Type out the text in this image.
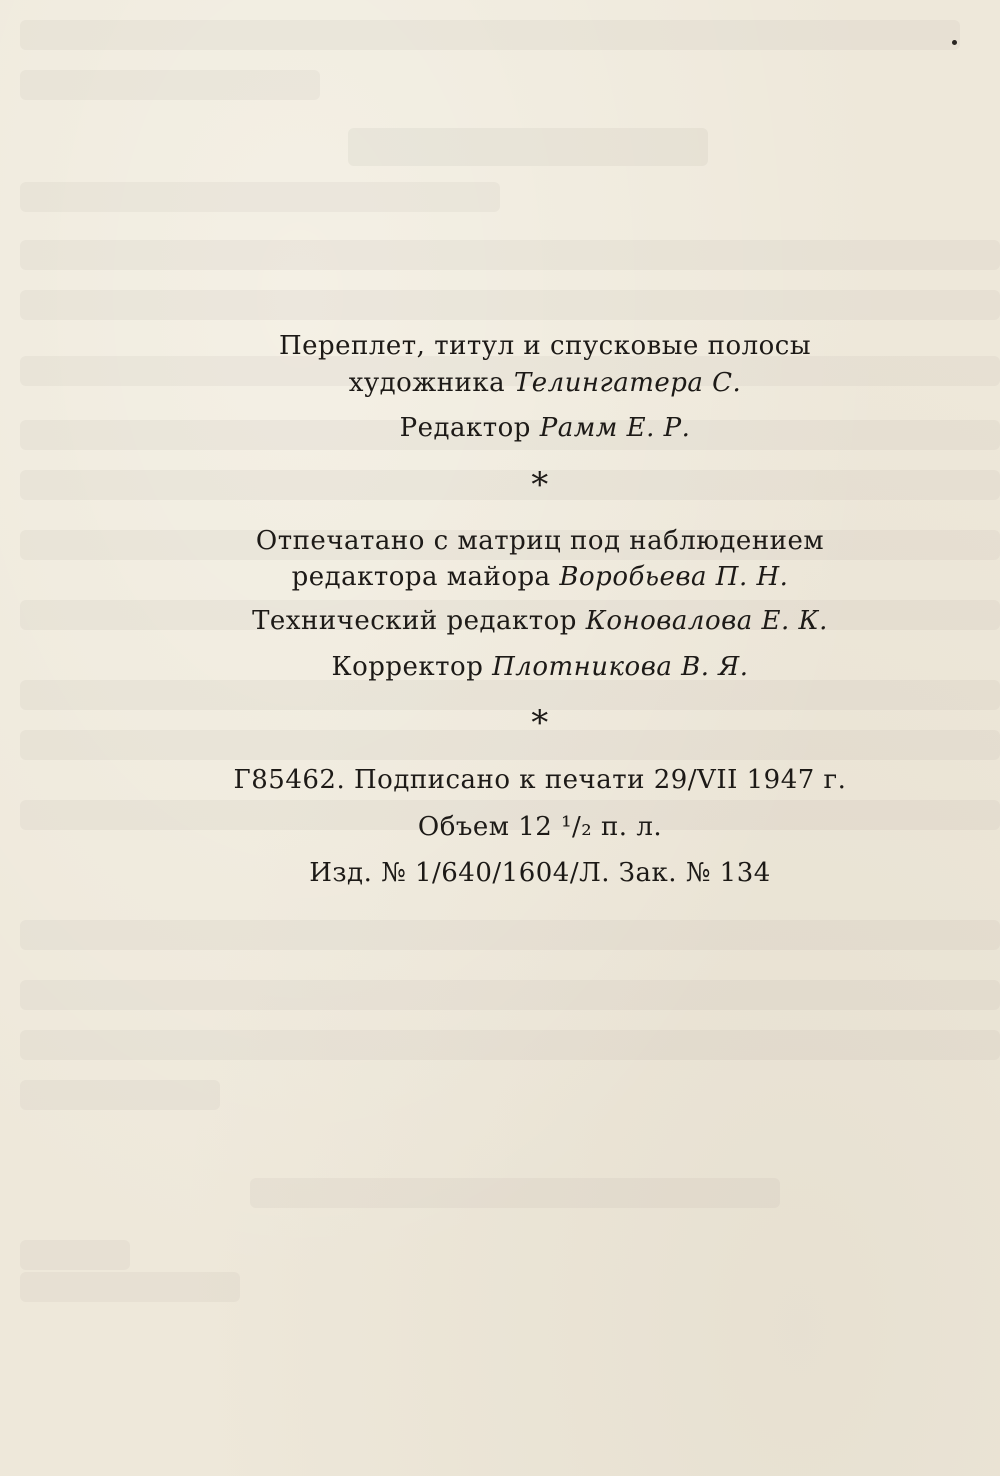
Переплет, титул и спусковые полосы
художника Телингатера С.
Редактор Рамм Е. Р.
*
Отпечатано с матриц под наблюдением
редактора майора Воробьева П. Н.
Технический редактор Коновалова Е. К.
Корректор Плотникова В. Я.
*
Г85462. Подписано к печати 29/VII 1947 г.
Объем 12 ¹/₂ п. л.
Изд. № 1/640/1604/Л. Зак. № 134
